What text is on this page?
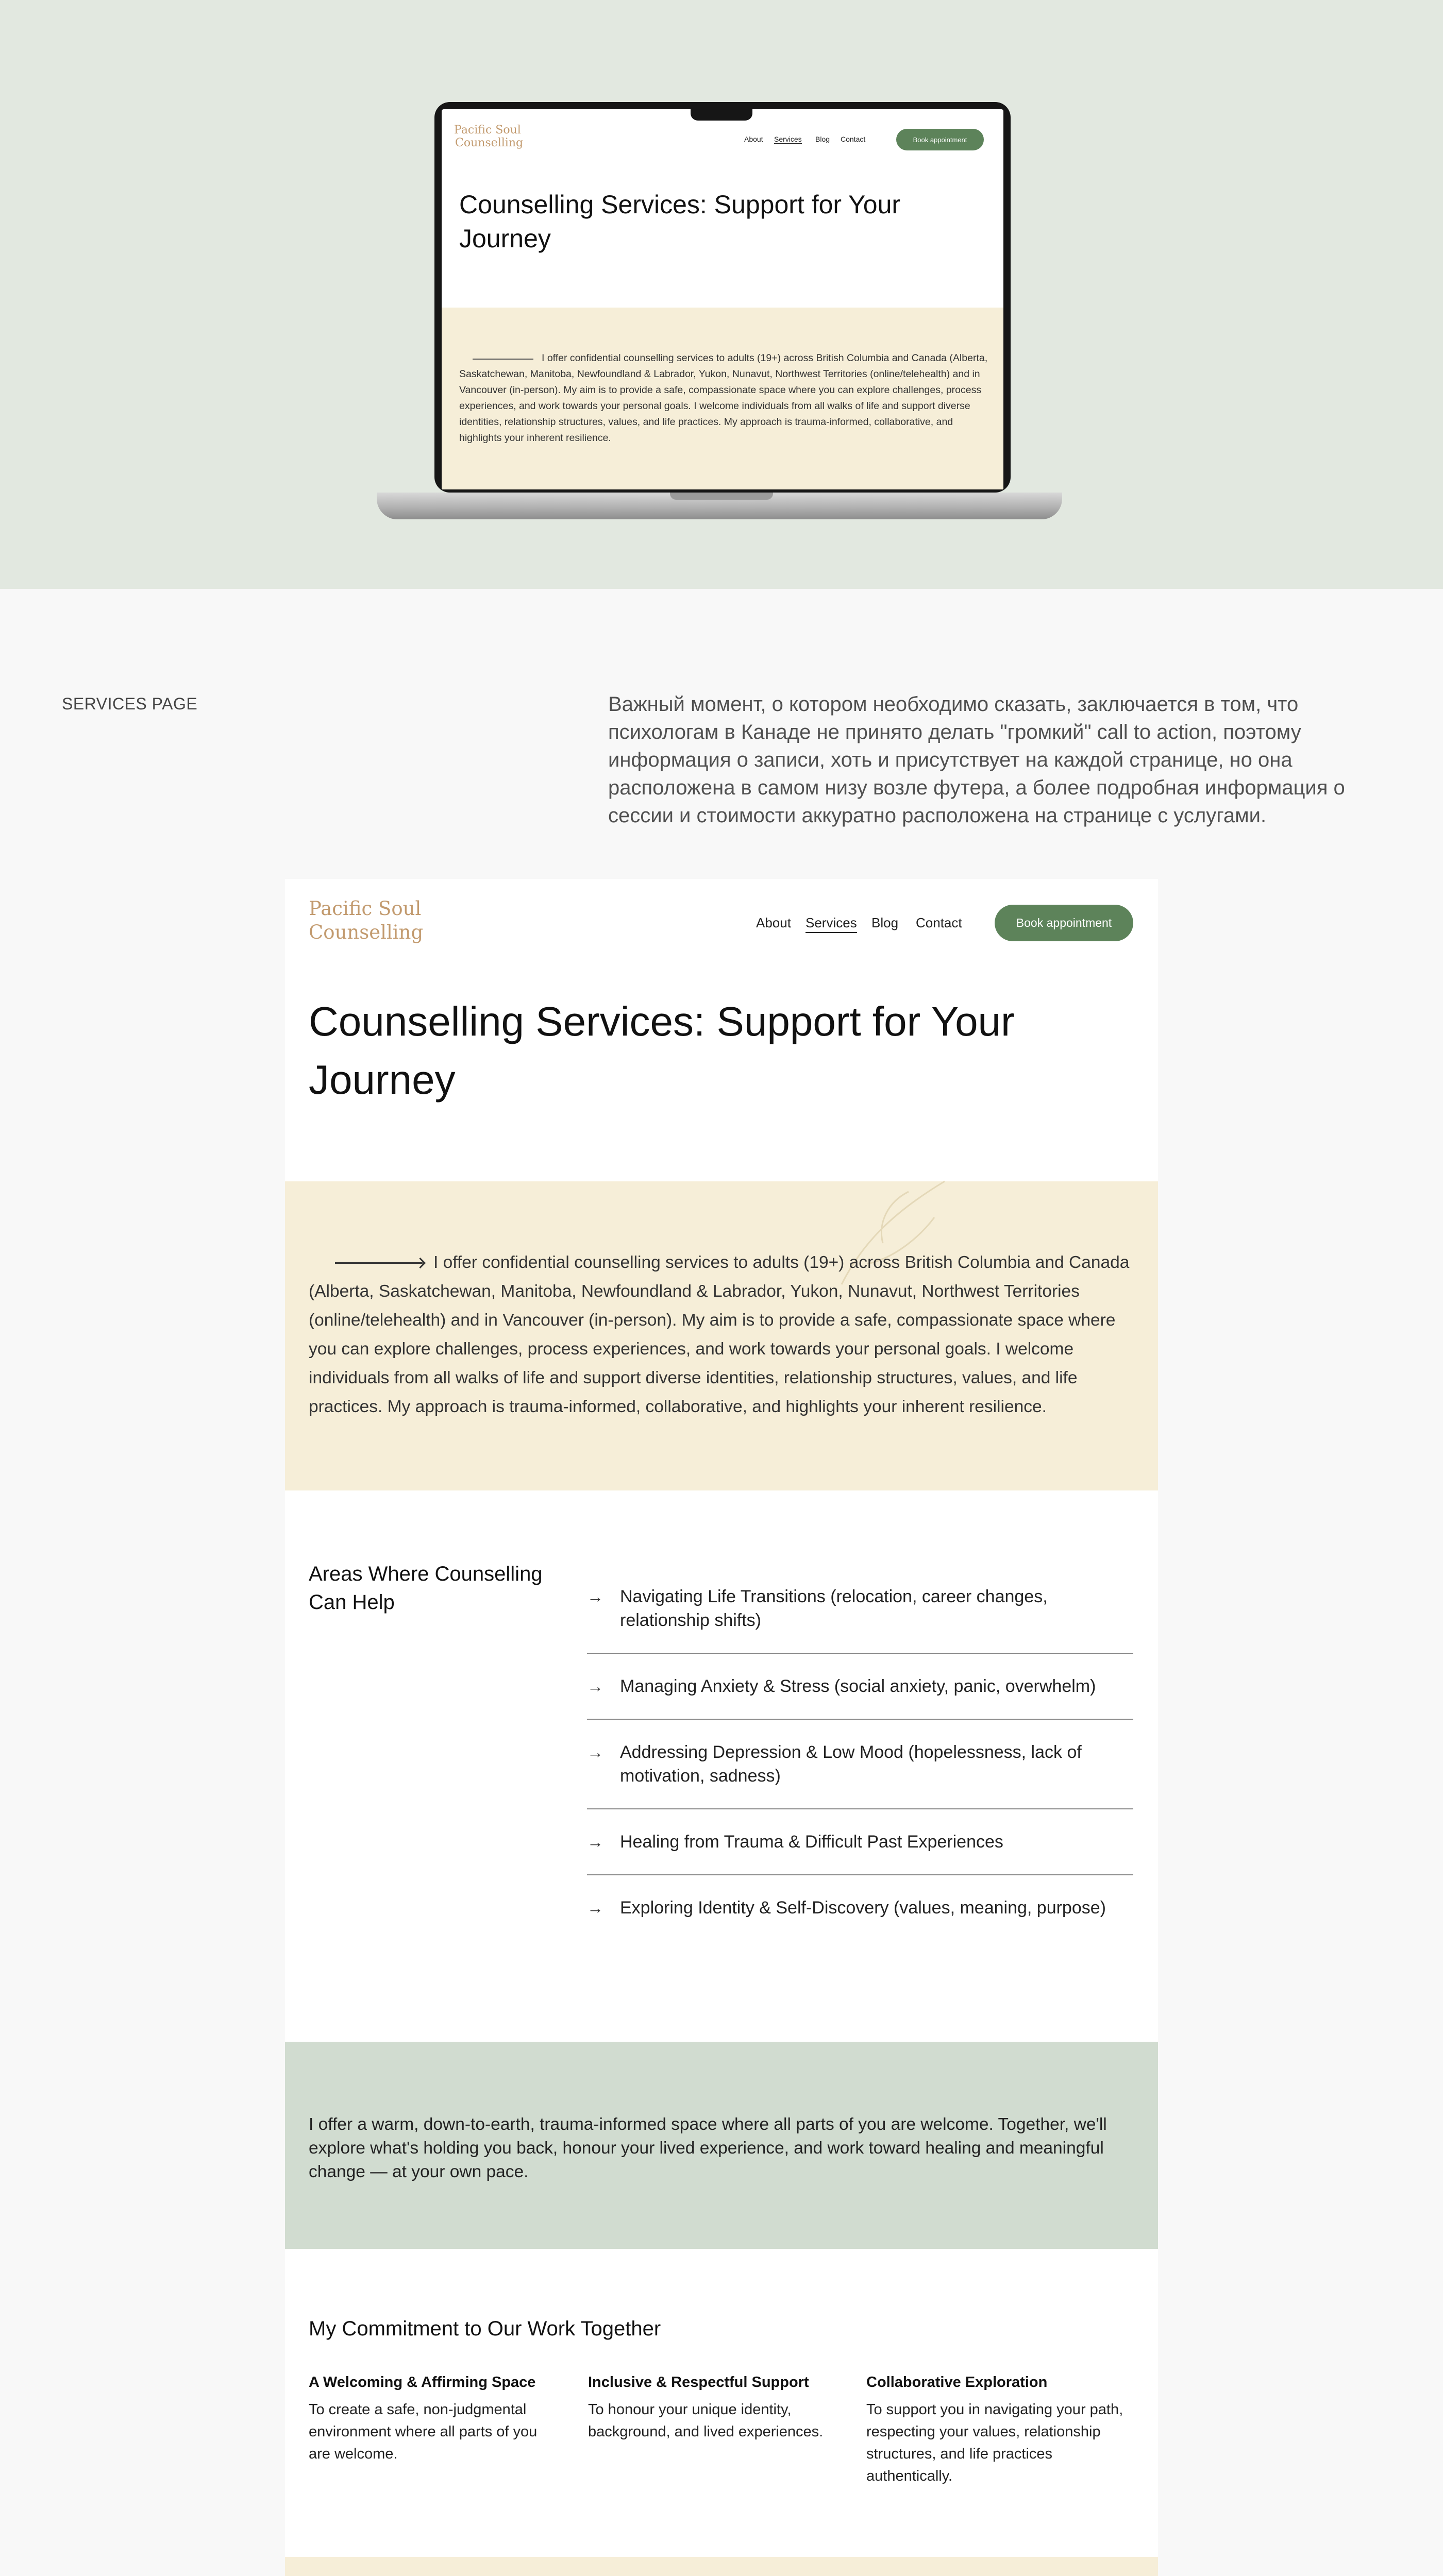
Pacific Soul
Counselling	About Services Blog Contact	Book appointment
Counselling Services: Support for Your Journey
I offer confidential counselling services to adults (19+) across British Columbia and Canada (Alberta, Saskatchewan, Manitoba, Newfoundland & Labrador, Yukon, Nunavut, Northwest Territories (online/telehealth) and in Vancouver (in-person). My aim is to provide a safe, compassionate space where you can explore challenges, process experiences, and work towards your personal goals. I welcome individuals from all walks of life and support diverse identities, relationship structures, values, and life practices. My approach is trauma-informed, collaborative, and highlights your inherent resilience.
SERVICES PAGE	Важный момент, о котором необходимо сказать, заключается в том, что психологам в Канаде не принято делать "громкий" call to action, поэтому информация о записи, хоть и присутствует на каждой странице, но она расположена в самом низу возле футера, а более подробная информация о сессии и стоимости аккуратно расположена на странице с услугами.
Pacific Soul
Counselling	About Services Blog Contact	Book appointment
Counselling Services: Support for Your Journey
I offer confidential counselling services to adults (19+) across British Columbia and Canada (Alberta, Saskatchewan, Manitoba, Newfoundland & Labrador, Yukon, Nunavut, Northwest Territories (online/telehealth) and in Vancouver (in-person). My aim is to provide a safe, compassionate space where you can explore challenges, process experiences, and work towards your personal goals. I welcome individuals from all walks of life and support diverse identities, relationship structures, values, and life practices. My approach is trauma-informed, collaborative, and highlights your inherent resilience.
Areas Where Counselling Can Help	→ Navigating Life Transitions (relocation, career changes, relationship shifts)
→ Managing Anxiety & Stress (social anxiety, panic, overwhelm)
→ Addressing Depression & Low Mood (hopelessness, lack of motivation, sadness)
→ Healing from Trauma & Difficult Past Experiences
→ Exploring Identity & Self-Discovery (values, meaning, purpose)
I offer a warm, down-to-earth, trauma-informed space where all parts of you are welcome. Together, we'll explore what's holding you back, honour your lived experience, and work toward healing and meaningful change — at your own pace.
My Commitment to Our Work Together
A Welcoming & Affirming Space
To create a safe, non-judgmental environment where all parts of you are welcome.
Inclusive & Respectful Support
To honour your unique identity, background, and lived experiences.
Collaborative Exploration
To support you in navigating your path, respecting your values, relationship structures, and life practices authentically.
